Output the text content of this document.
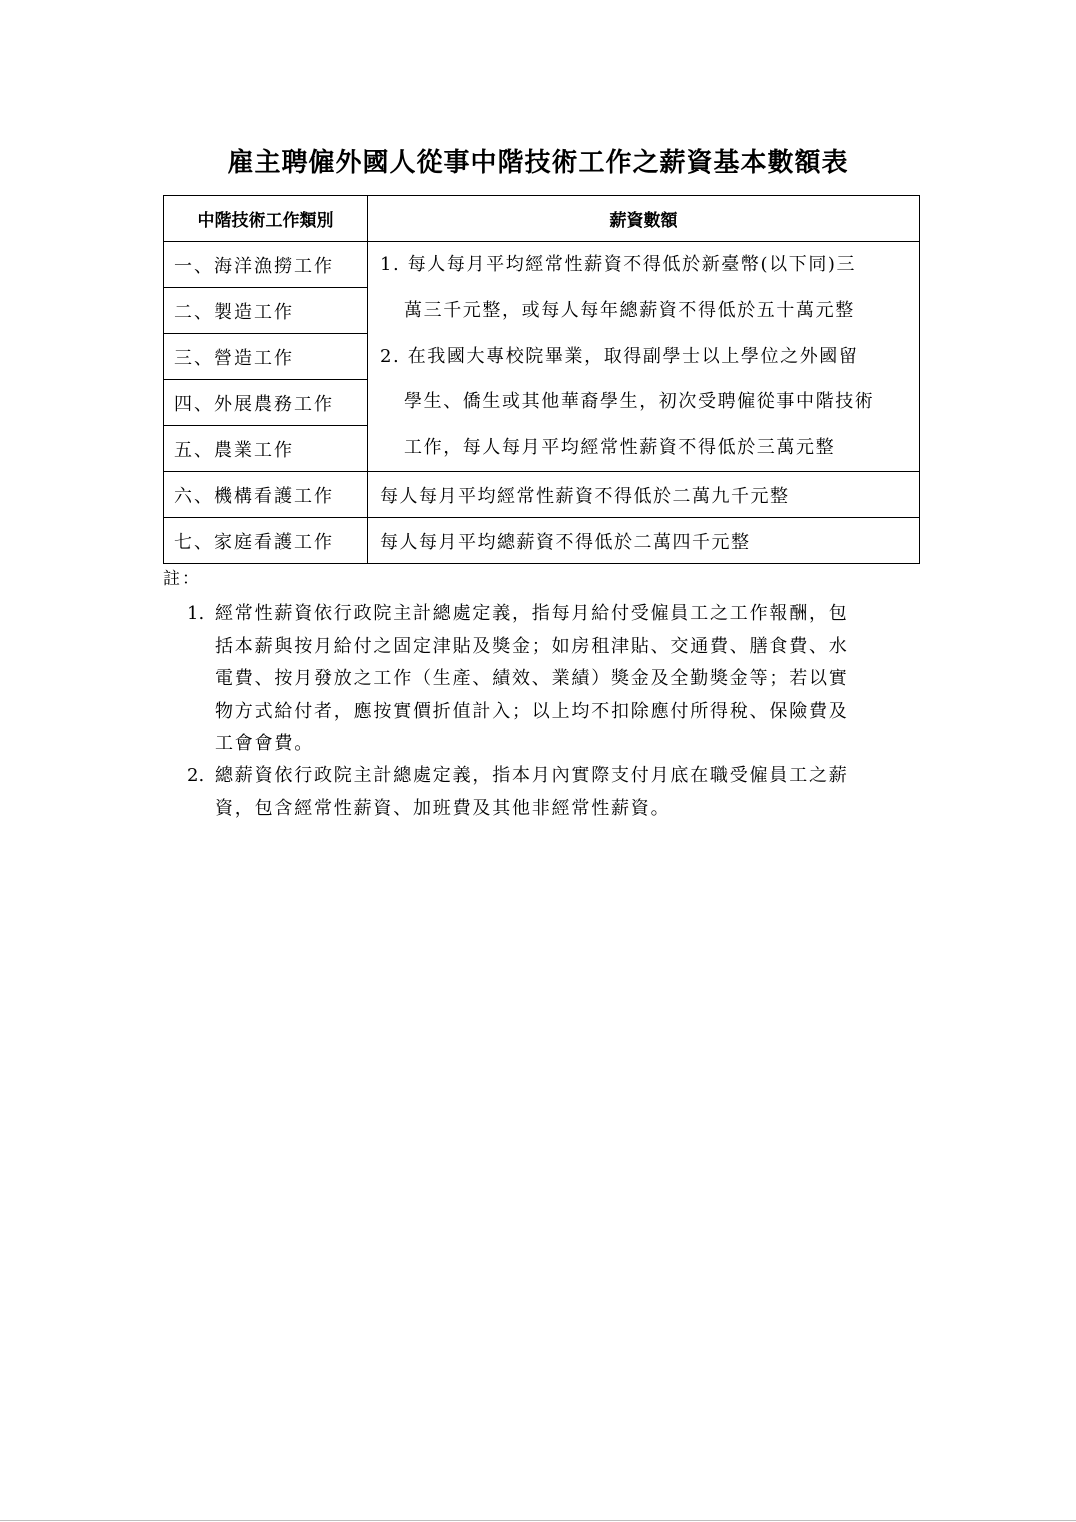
雇主聘僱外國人從事中階技術工作之薪資基本數額表
中階技術工作類別	薪資數額
一、海洋漁撈工作	1. 每人每月平均經常性薪資不得低於新臺幣(以下同)三
萬三千元整，或每人每年總薪資不得低於五十萬元整
2. 在我國大專校院畢業，取得副學士以上學位之外國留
學生、僑生或其他華裔學生，初次受聘僱從事中階技術
工作，每人每月平均經常性薪資不得低於三萬元整

二、製造工作	
三、營造工作	
四、外展農務工作	
五、農業工作	
六、機構看護工作	每人每月平均經常性薪資不得低於二萬九千元整
七、家庭看護工作	每人每月平均總薪資不得低於二萬四千元整
註：
1. 經常性薪資依行政院主計總處定義，指每月給付受僱員工之工作報酬，包
括本薪與按月給付之固定津貼及獎金；如房租津貼、交通費、膳食費、水
電費、按月發放之工作（生產、績效、業績）獎金及全勤獎金等；若以實
物方式給付者，應按實價折值計入；以上均不扣除應付所得稅、保險費及
工會會費。
2. 總薪資依行政院主計總處定義，指本月內實際支付月底在職受僱員工之薪
資，包含經常性薪資、加班費及其他非經常性薪資。
